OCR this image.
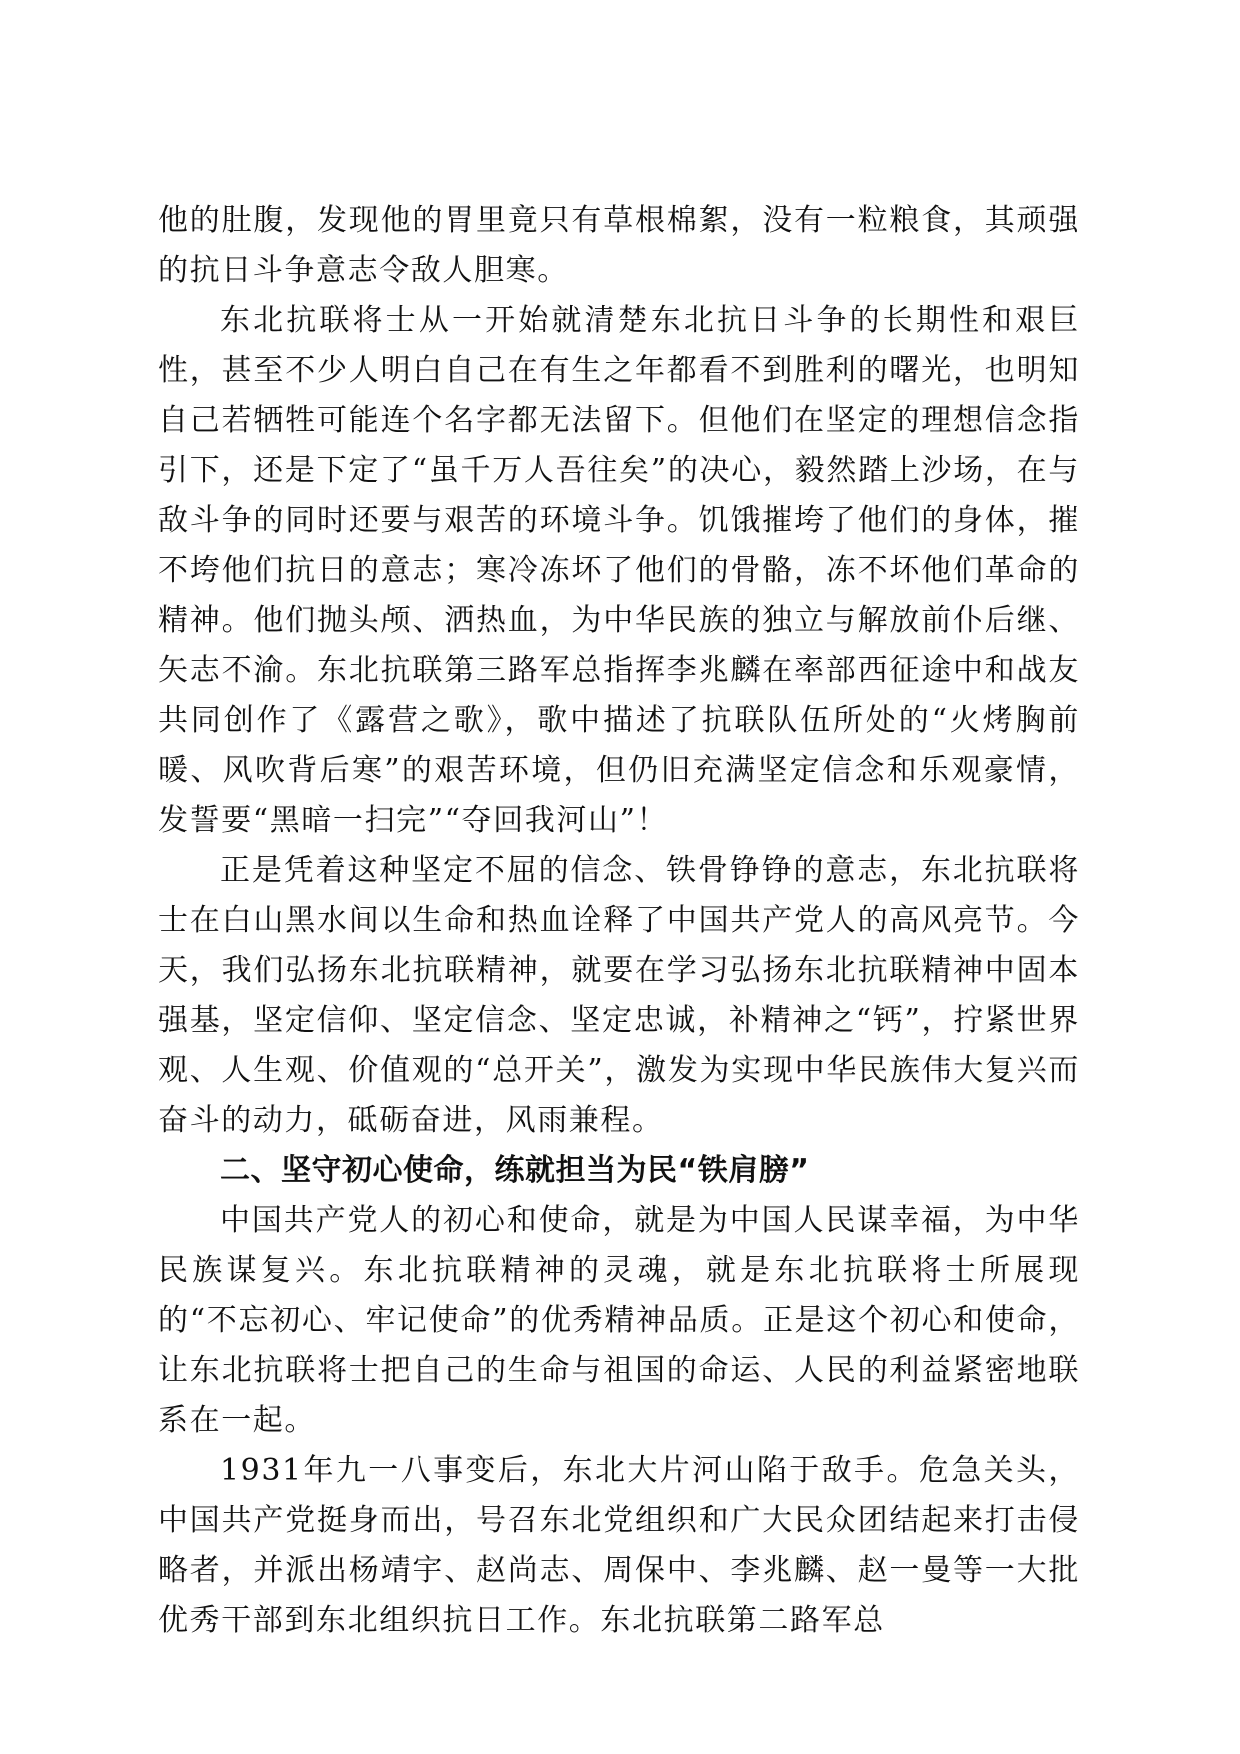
他的肚腹，发现他的胃里竟只有草根棉絮，没有一粒粮食，其顽强的抗日斗争意志令敌人胆寒。

东北抗联将士从一开始就清楚东北抗日斗争的长期性和艰巨性，甚至不少人明白自己在有生之年都看不到胜利的曙光，也明知自己若牺牲可能连个名字都无法留下。但他们在坚定的理想信念指引下，还是下定了“虽千万人吾往矣”的决心，毅然踏上沙场，在与敌斗争的同时还要与艰苦的环境斗争。饥饿摧垮了他们的身体，摧不垮他们抗日的意志；寒冷冻坏了他们的骨骼，冻不坏他们革命的精神。他们抛头颅、洒热血，为中华民族的独立与解放前仆后继、矢志不渝。东北抗联第三路军总指挥李兆麟在率部西征途中和战友共同创作了《露营之歌》，歌中描述了抗联队伍所处的“火烤胸前暖、风吹背后寒”的艰苦环境，但仍旧充满坚定信念和乐观豪情，发誓要“黑暗一扫完”“夺回我河山”！

正是凭着这种坚定不屈的信念、铁骨铮铮的意志，东北抗联将士在白山黑水间以生命和热血诠释了中国共产党人的高风亮节。今天，我们弘扬东北抗联精神，就要在学习弘扬东北抗联精神中固本强基，坚定信仰、坚定信念、坚定忠诚，补精神之“钙”，拧紧世界观、人生观、价值观的“总开关”，激发为实现中华民族伟大复兴而奋斗的动力，砥砺奋进，风雨兼程。

二、坚守初心使命，练就担当为民“铁肩膀”

中国共产党人的初心和使命，就是为中国人民谋幸福，为中华民族谋复兴。东北抗联精神的灵魂，就是东北抗联将士所展现的“不忘初心、牢记使命”的优秀精神品质。正是这个初心和使命，让东北抗联将士把自己的生命与祖国的命运、人民的利益紧密地联系在一起。

1931年九一八事变后，东北大片河山陷于敌手。危急关头，中国共产党挺身而出，号召东北党组织和广大民众团结起来打击侵略者，并派出杨靖宇、赵尚志、周保中、李兆麟、赵一曼等一大批优秀干部到东北组织抗日工作。东北抗联第二路军总
